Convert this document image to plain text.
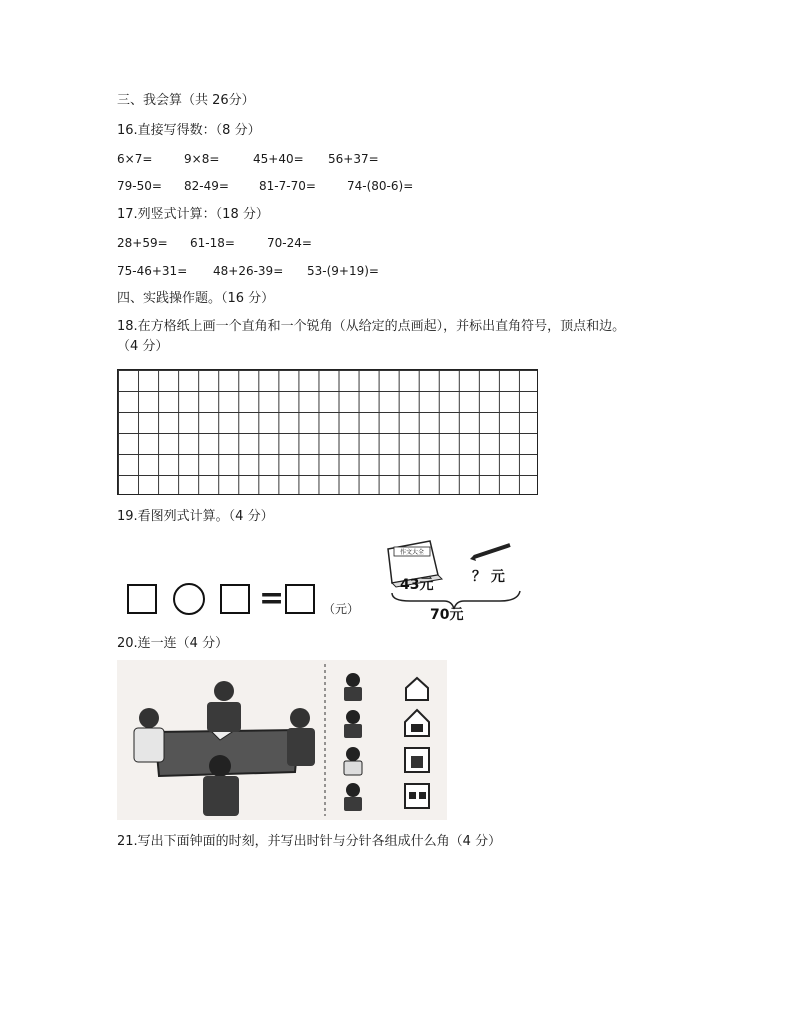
三、我会算（共 26分）
16.直接写得数：（8 分）
6×7=	9×8=	45+40= 56+37=
79-50= 82-49=	81-7-70=	74-(80-6)=
17.列竖式计算：（18 分）
28+59= 61-18=	70-24=
75-46+31= 48+26-39= 53-(9+19)=
四、实践操作题。（16 分）
18.在方格纸上画一个直角和一个锐角（从给定的点画起），并标出直角符号，顶点和边。
（4 分）
19.看图列式计算。（4 分）
=	（元）
作文大全
43元	？ 元
70元
20.连一连（4 分）
21.写出下面钟面的时刻，并写出时针与分针各组成什么角（4 分）
